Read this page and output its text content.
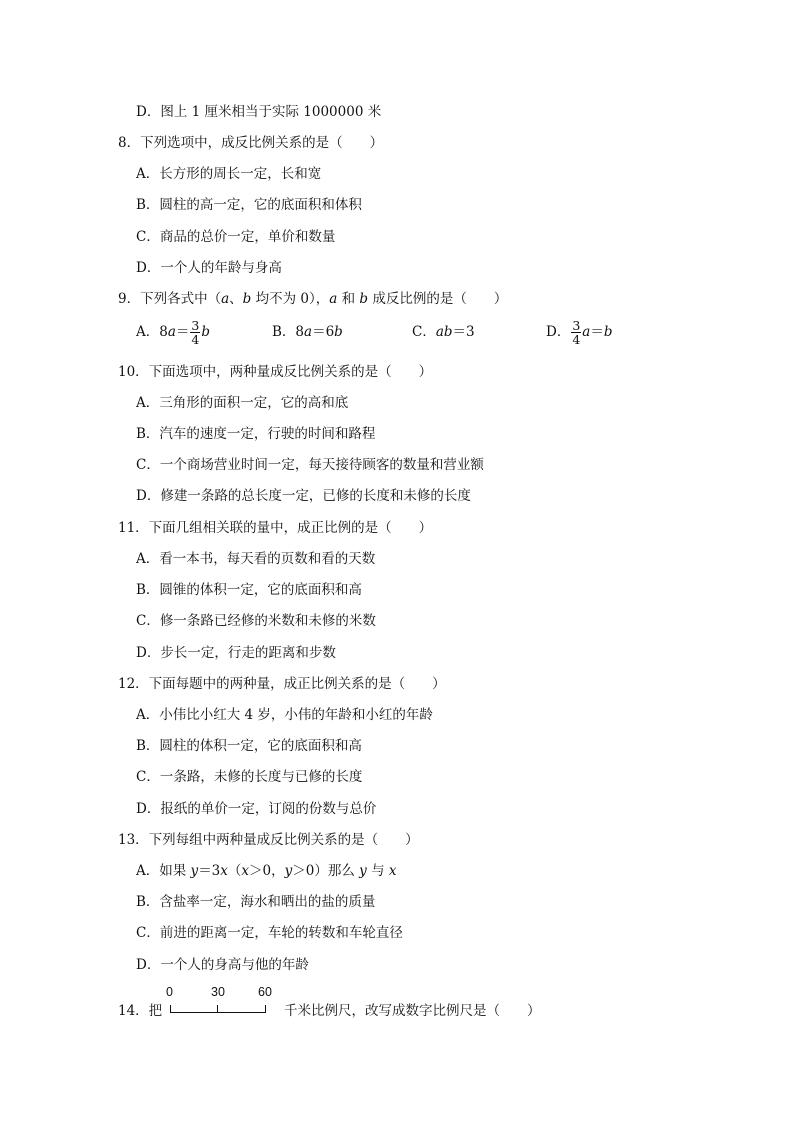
D．图上 1 厘米相当于实际 1000000 米
8．下列选项中，成反比例关系的是（　　）
A．长方形的周长一定，长和宽
B．圆柱的高一定，它的底面积和体积
C．商品的总价一定，单价和数量
D．一个人的年龄与身高
9．下列各式中（a、b 均不为 0），a 和 b 成反比例的是（　　）
A．$8a= \frac{3}{4}$ b	B．8a＝6b	C．ab＝3	D． $\frac{3}{4} a=b$
10．下面选项中，两种量成反比例关系的是（　　）
A．三角形的面积一定，它的高和底
B．汽车的速度一定，行驶的时间和路程
C．一个商场营业时间一定，每天接待顾客的数量和营业额
D．修建一条路的总长度一定，已修的长度和未修的长度
11．下面几组相关联的量中，成正比例的是（　　）
A．看一本书，每天看的页数和看的天数
B．圆锥的体积一定，它的底面积和高
C．修一条路已经修的米数和未修的米数
D．步长一定，行走的距离和步数
12．下面每题中的两种量，成正比例关系的是（　　）
A．小伟比小红大 4 岁，小伟的年龄和小红的年龄
B．圆柱的体积一定，它的底面积和高
C．一条路，未修的长度与已修的长度
D．报纸的单价一定，订阅的份数与总价
13．下列每组中两种量成反比例关系的是（　　）
A．如果 y＝3x（x＞0，y＞0）那么 y 与 x
B．含盐率一定，海水和晒出的盐的质量
C．前进的距离一定，车轮的转数和车轮直径
D．一个人的身高与他的年龄
14．把
0	30	60
千米比例尺，改写成数字比例尺是（　　）
